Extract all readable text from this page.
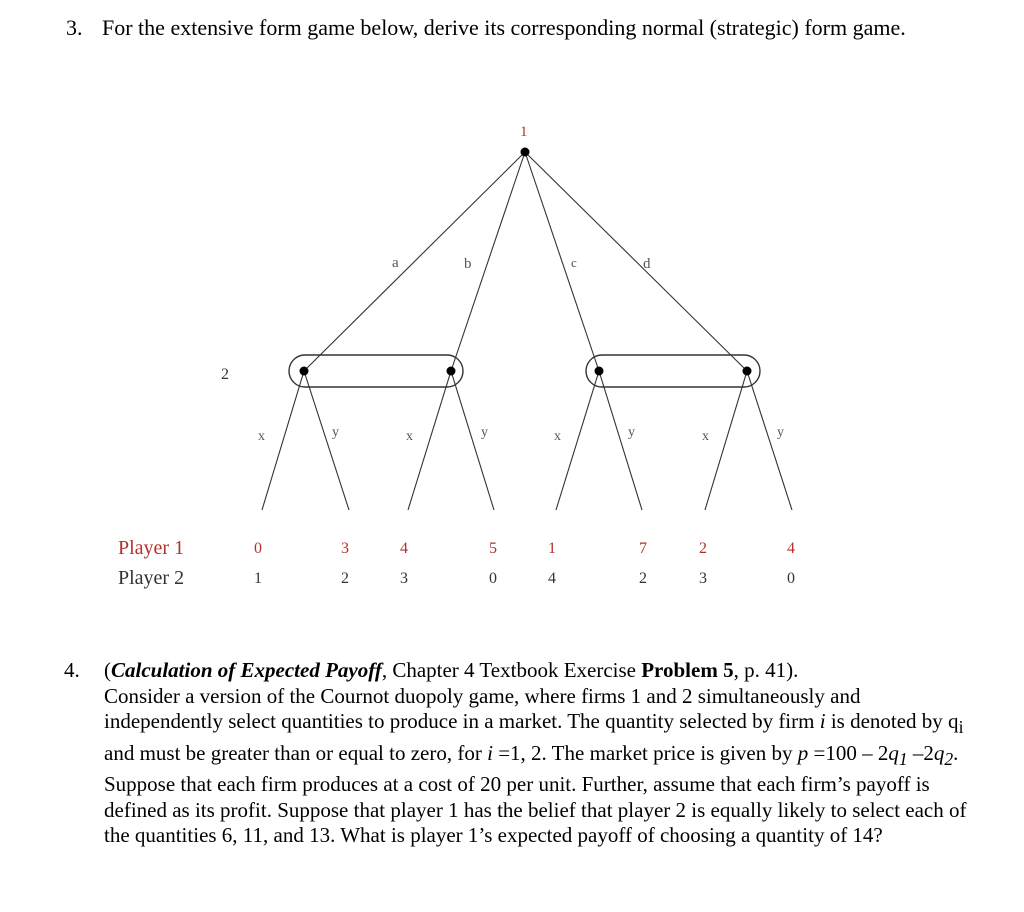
3. For the extensive form game below, derive its corresponding normal (strategic) form game.
1
2
a	b	c	d
x	y	x	y	x	y	x	y
Player 1
Player 2
0	3	4	5	1	7	2	4
1	2	3	0	4	2	3	0
4. (Calculation of Expected Payoff, Chapter 4 Textbook Exercise Problem 5, p. 41).
Consider a version of the Cournot duopoly game, where firms 1 and 2 simultaneously and independently select quantities to produce in a market. The quantity selected by firm i is denoted by $q_i$ and must be greater than or equal to zero, for i =1, 2. The market price is given by $p =100 - 2q_1$ $-2q_2$. Suppose that each firm produces at a cost of 20 per unit. Further, assume that each firm’s payoff is defined as its profit. Suppose that player 1 has the belief that player 2 is equally likely to select each of the quantities 6, 11, and 13. What is player 1’s expected payoff of choosing a quantity of 14?
